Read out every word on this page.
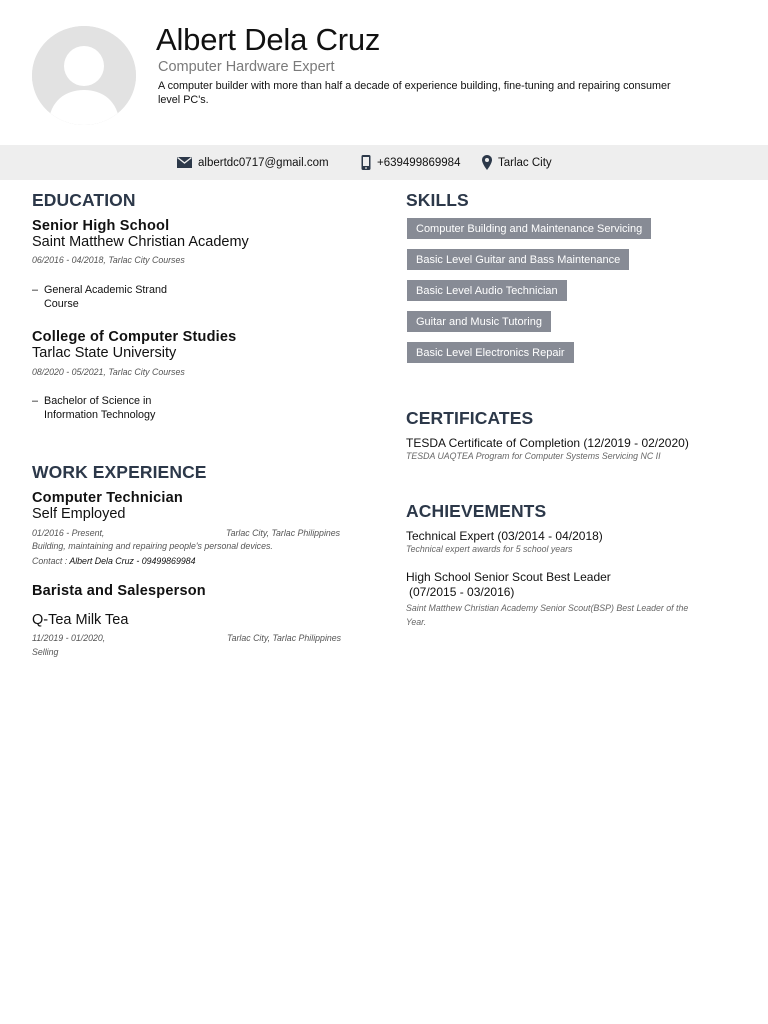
Albert Dela Cruz
Computer Hardware Expert
A computer builder with more than half a decade of experience building, fine-tuning and repairing consumer level PC's.
albertdc0717@gmail.com	+639499869984	Tarlac City
EDUCATION
Senior High School
Saint Matthew Christian Academy
06/2016 - 04/2018, Tarlac City Courses
– General Academic Strand
Course
College of Computer Studies
Tarlac State University
08/2020 - 05/2021, Tarlac City Courses
– Bachelor of Science in
Information Technology
WORK EXPERIENCE
Computer Technician
Self Employed
01/2016 - Present,	Tarlac City, Tarlac Philippines
Building, maintaining and repairing people's personal devices.
Contact : Albert Dela Cruz - 09499869984
Barista and Salesperson
Q-Tea Milk Tea
11/2019 - 01/2020,	Tarlac City, Tarlac Philippines
Selling
SKILLS
Computer Building and Maintenance Servicing
Basic Level Guitar and Bass Maintenance
Basic Level Audio Technician
Guitar and Music Tutoring
Basic Level Electronics Repair
CERTIFICATES
TESDA Certificate of Completion (12/2019 - 02/2020)
TESDA UAQTEA Program for Computer Systems Servicing NC II
ACHIEVEMENTS
Technical Expert (03/2014 - 04/2018)
Technical expert awards for 5 school years
High School Senior Scout Best Leader
(07/2015 - 03/2016)
Saint Matthew Christian Academy Senior Scout(BSP) Best Leader of the
Year.
